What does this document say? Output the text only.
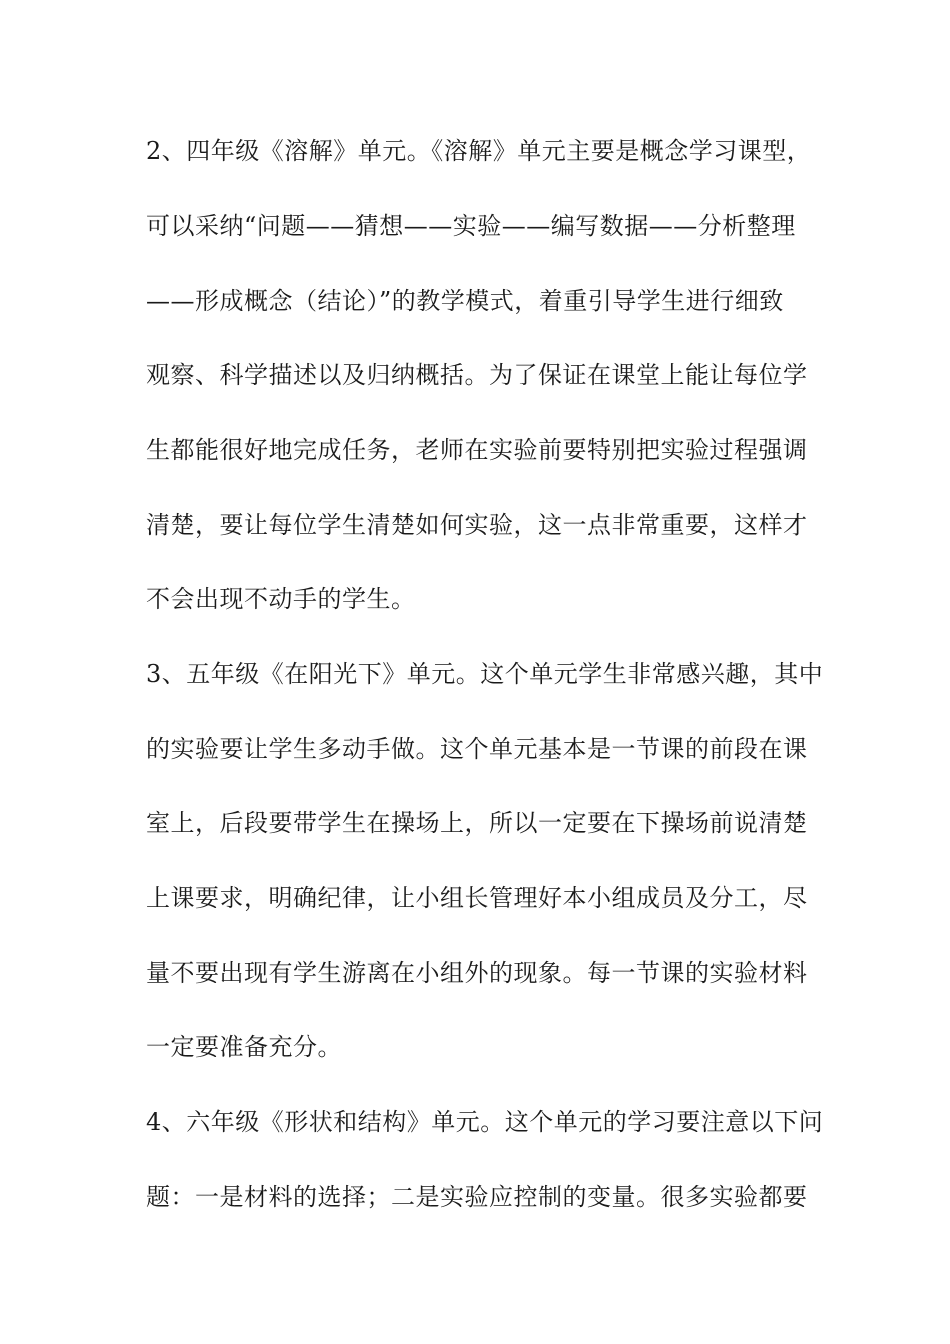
2、四年级《溶解》单元。《溶解》单元主要是概念学习课型，
可以采纳“问题——猜想——实验——编写数据——分析整理
——形成概念（结论）”的教学模式，着重引导学生进行细致
观察、科学描述以及归纳概括。为了保证在课堂上能让每位学
生都能很好地完成任务，老师在实验前要特别把实验过程强调
清楚，要让每位学生清楚如何实验，这一点非常重要，这样才
不会出现不动手的学生。
3、五年级《在阳光下》单元。这个单元学生非常感兴趣，其中
的实验要让学生多动手做。这个单元基本是一节课的前段在课
室上，后段要带学生在操场上，所以一定要在下操场前说清楚
上课要求，明确纪律，让小组长管理好本小组成员及分工，尽
量不要出现有学生游离在小组外的现象。每一节课的实验材料
一定要准备充分。
4、六年级《形状和结构》单元。这个单元的学习要注意以下问
题：一是材料的选择；二是实验应控制的变量。很多实验都要
